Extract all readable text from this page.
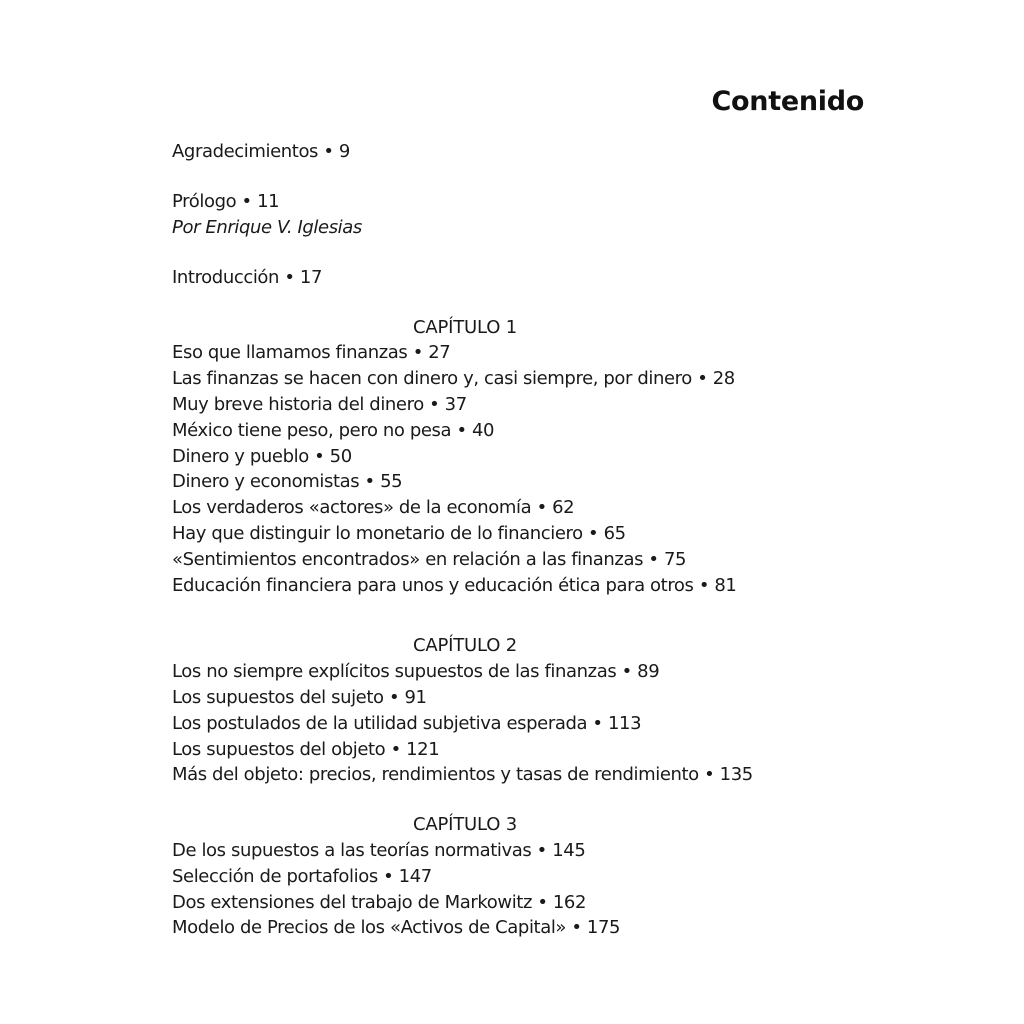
Contenido
Agradecimientos • 9
Prólogo • 11
Por Enrique V. Iglesias
Introducción • 17
CAPÍTULO 1
Eso que llamamos finanzas • 27
Las finanzas se hacen con dinero y, casi siempre, por dinero • 28
Muy breve historia del dinero • 37
México tiene peso, pero no pesa • 40
Dinero y pueblo • 50
Dinero y economistas • 55
Los verdaderos «actores» de la economía • 62
Hay que distinguir lo monetario de lo financiero • 65
«Sentimientos encontrados» en relación a las finanzas • 75
Educación financiera para unos y educación ética para otros • 81
CAPÍTULO 2
Los no siempre explícitos supuestos de las finanzas • 89
Los supuestos del sujeto • 91
Los postulados de la utilidad subjetiva esperada • 113
Los supuestos del objeto • 121
Más del objeto: precios, rendimientos y tasas de rendimiento • 135
CAPÍTULO 3
De los supuestos a las teorías normativas • 145
Selección de portafolios • 147
Dos extensiones del trabajo de Markowitz • 162
Modelo de Precios de los «Activos de Capital» • 175
